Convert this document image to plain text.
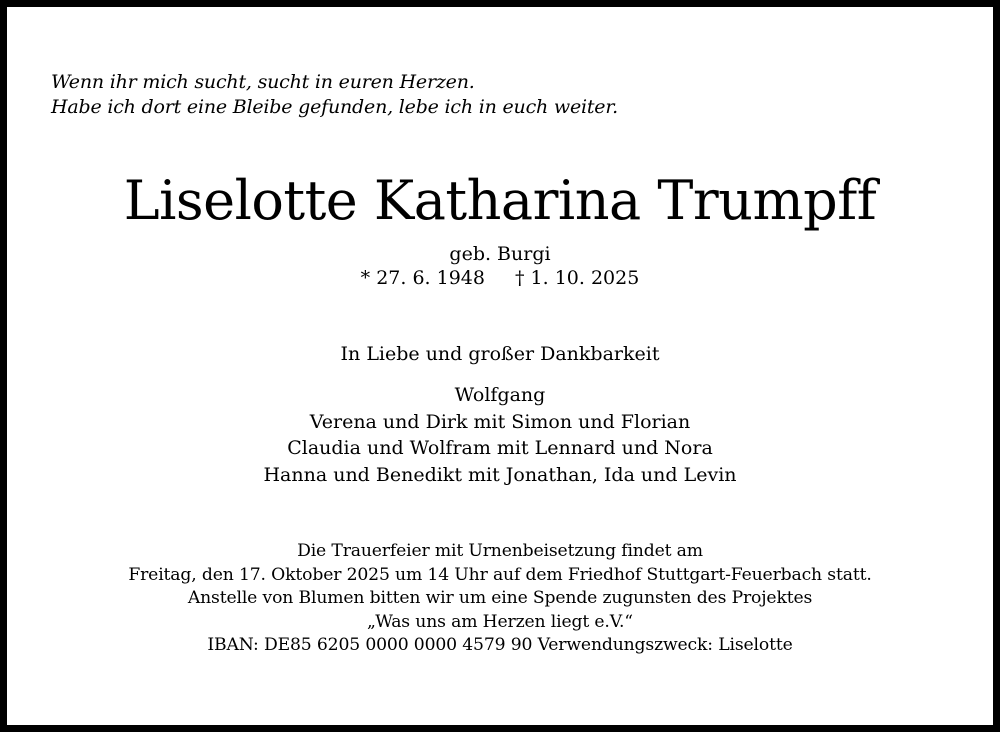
Wenn ihr mich sucht, sucht in euren Herzen.
Habe ich dort eine Bleibe gefunden, lebe ich in euch weiter.
Liselotte Katharina Trumpff
geb. Burgi
* 27. 6. 1948 † 1. 10. 2025
In Liebe und großer Dankbarkeit
Wolfgang
Verena und Dirk mit Simon und Florian
Claudia und Wolfram mit Lennard und Nora
Hanna und Benedikt mit Jonathan, Ida und Levin
Die Trauerfeier mit Urnenbeisetzung findet am
Freitag, den 17. Oktober 2025 um 14 Uhr auf dem Friedhof Stuttgart-Feuerbach statt.
Anstelle von Blumen bitten wir um eine Spende zugunsten des Projektes
„Was uns am Herzen liegt e.V.“
IBAN: DE85 6205 0000 0000 4579 90 Verwendungszweck: Liselotte
